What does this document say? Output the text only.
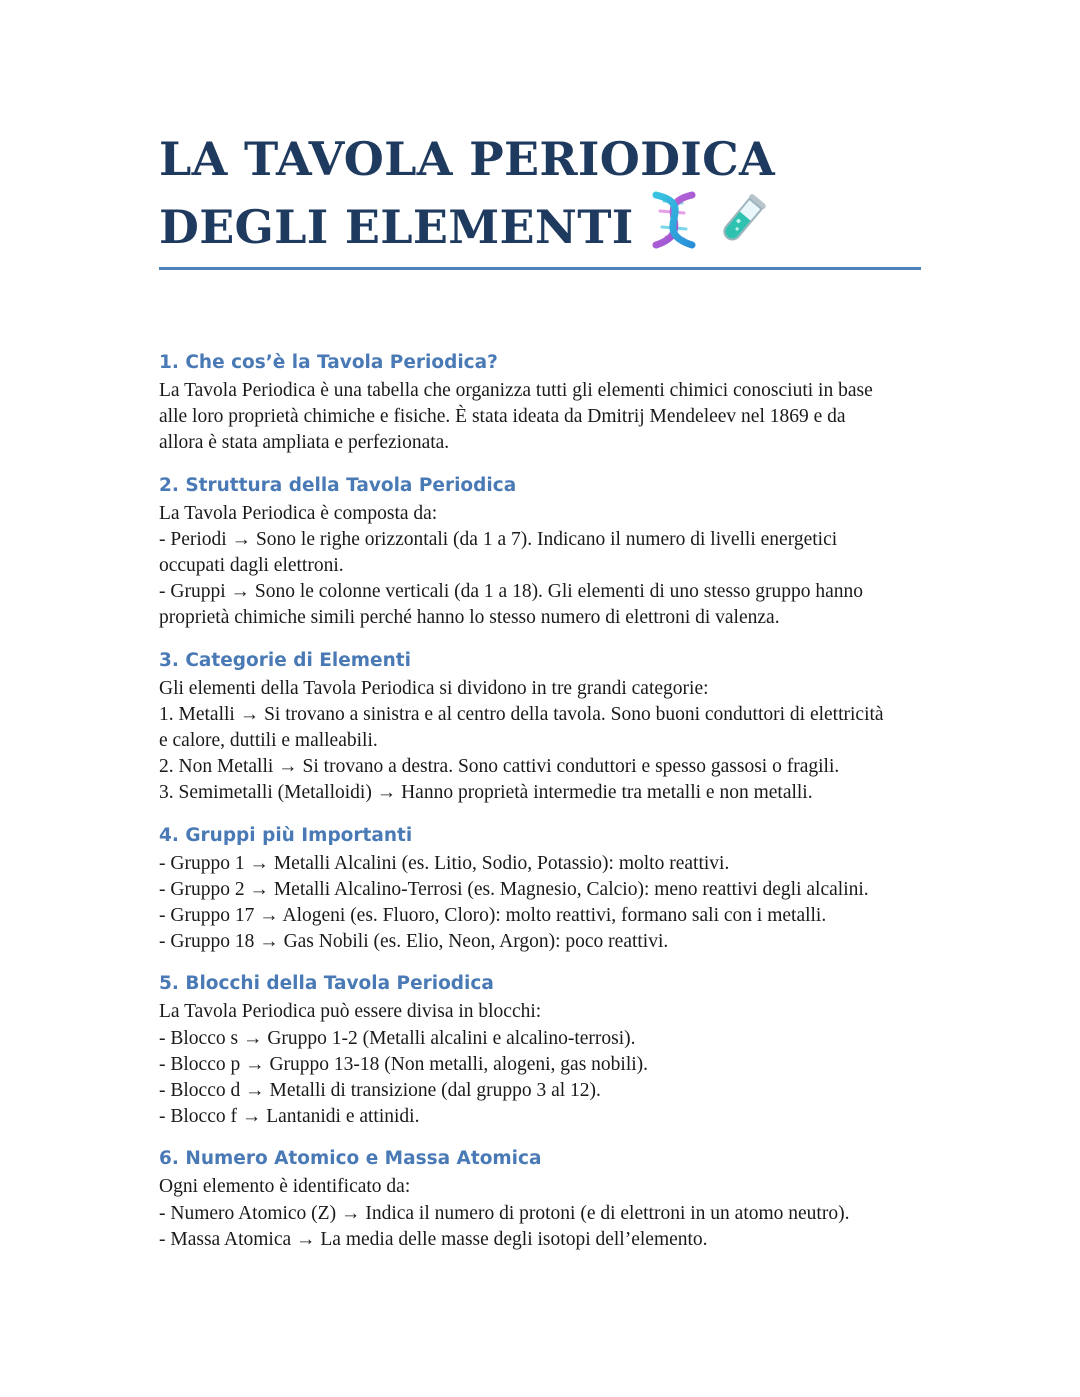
LA TAVOLA PERIODICA DEGLI ELEMENTI
1. Che cos’è la Tavola Periodica?

La Tavola Periodica è una tabella che organizza tutti gli elementi chimici conosciuti in base
alle loro proprietà chimiche e fisiche. È stata ideata da Dmitrij Mendeleev nel 1869 e da
allora è stata ampliata e perfezionata.

2. Struttura della Tavola Periodica

La Tavola Periodica è composta da:
- Periodi → Sono le righe orizzontali (da 1 a 7). Indicano il numero di livelli energetici
occupati dagli elettroni.
- Gruppi → Sono le colonne verticali (da 1 a 18). Gli elementi di uno stesso gruppo hanno
proprietà chimiche simili perché hanno lo stesso numero di elettroni di valenza.

3. Categorie di Elementi

Gli elementi della Tavola Periodica si dividono in tre grandi categorie:
1. Metalli → Si trovano a sinistra e al centro della tavola. Sono buoni conduttori di elettricità
e calore, duttili e malleabili.
2. Non Metalli → Si trovano a destra. Sono cattivi conduttori e spesso gassosi o fragili.
3. Semimetalli (Metalloidi) → Hanno proprietà intermedie tra metalli e non metalli.

4. Gruppi più Importanti

- Gruppo 1 → Metalli Alcalini (es. Litio, Sodio, Potassio): molto reattivi.
- Gruppo 2 → Metalli Alcalino-Terrosi (es. Magnesio, Calcio): meno reattivi degli alcalini.
- Gruppo 17 → Alogeni (es. Fluoro, Cloro): molto reattivi, formano sali con i metalli.
- Gruppo 18 → Gas Nobili (es. Elio, Neon, Argon): poco reattivi.

5. Blocchi della Tavola Periodica

La Tavola Periodica può essere divisa in blocchi:
- Blocco s → Gruppo 1-2 (Metalli alcalini e alcalino-terrosi).
- Blocco p → Gruppo 13-18 (Non metalli, alogeni, gas nobili).
- Blocco d → Metalli di transizione (dal gruppo 3 al 12).
- Blocco f → Lantanidi e attinidi.

6. Numero Atomico e Massa Atomica

Ogni elemento è identificato da:
- Numero Atomico (Z) → Indica il numero di protoni (e di elettroni in un atomo neutro).
- Massa Atomica → La media delle masse degli isotopi dell’elemento.
